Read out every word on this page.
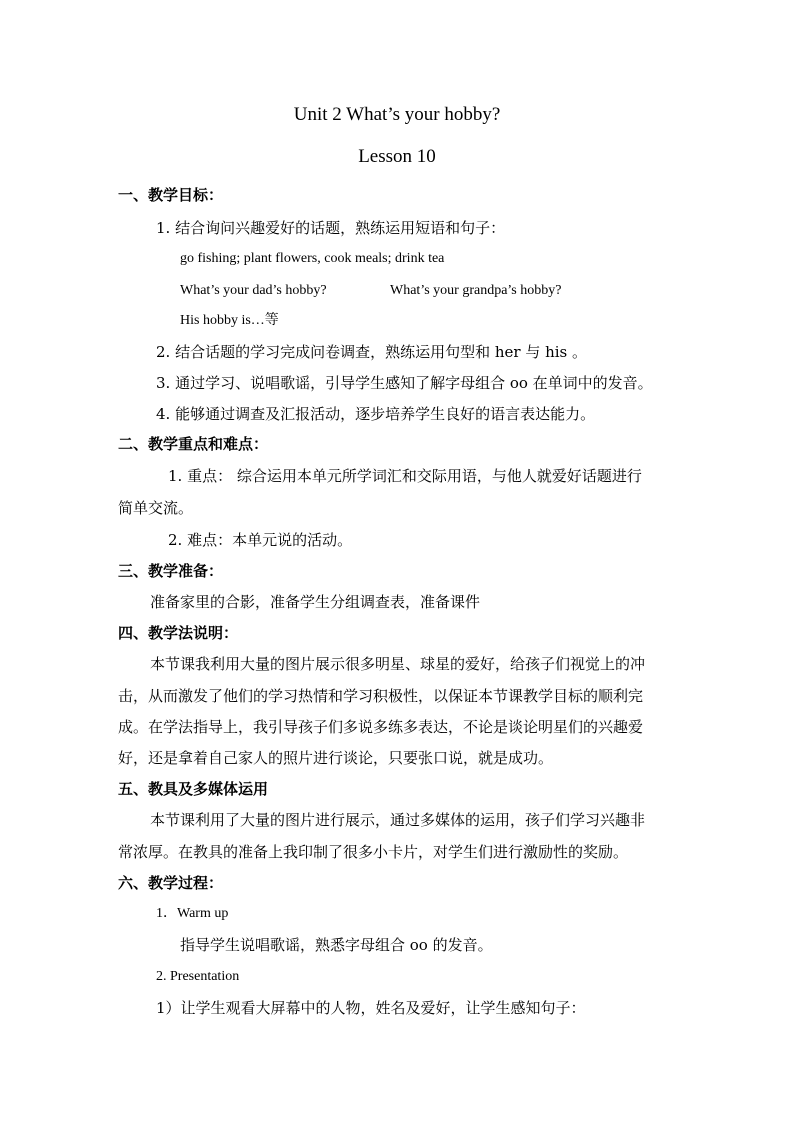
Unit 2 What’s your hobby?
Lesson 10
一、教学目标：
1. 结合询问兴趣爱好的话题，熟练运用短语和句子：
go fishing; plant flowers, cook meals; drink tea
What’s your dad’s hobby?	What’s your grandpa’s hobby?
His hobby is…等
2. 结合话题的学习完成问卷调查，熟练运用句型和 her 与 his 。
3. 通过学习、说唱歌谣，引导学生感知了解字母组合 oo 在单词中的发音。
4. 能够通过调查及汇报活动，逐步培养学生良好的语言表达能力。
二、教学重点和难点：
1. 重点： 综合运用本单元所学词汇和交际用语，与他人就爱好话题进行
简单交流。
2. 难点：本单元说的活动。
三、教学准备：
准备家里的合影，准备学生分组调查表，准备课件
四、教学法说明：
本节课我利用大量的图片展示很多明星、球星的爱好，给孩子们视觉上的冲
击，从而激发了他们的学习热情和学习积极性，以保证本节课教学目标的顺利完
成。在学法指导上，我引导孩子们多说多练多表达，不论是谈论明星们的兴趣爱
好，还是拿着自己家人的照片进行谈论，只要张口说，就是成功。
五、教具及多媒体运用
本节课利用了大量的图片进行展示，通过多媒体的运用，孩子们学习兴趣非
常浓厚。在教具的准备上我印制了很多小卡片，对学生们进行激励性的奖励。
六、教学过程：
1．Warm up
指导学生说唱歌谣，熟悉字母组合 oo 的发音。
2. Presentation
1）让学生观看大屏幕中的人物，姓名及爱好，让学生感知句子：
